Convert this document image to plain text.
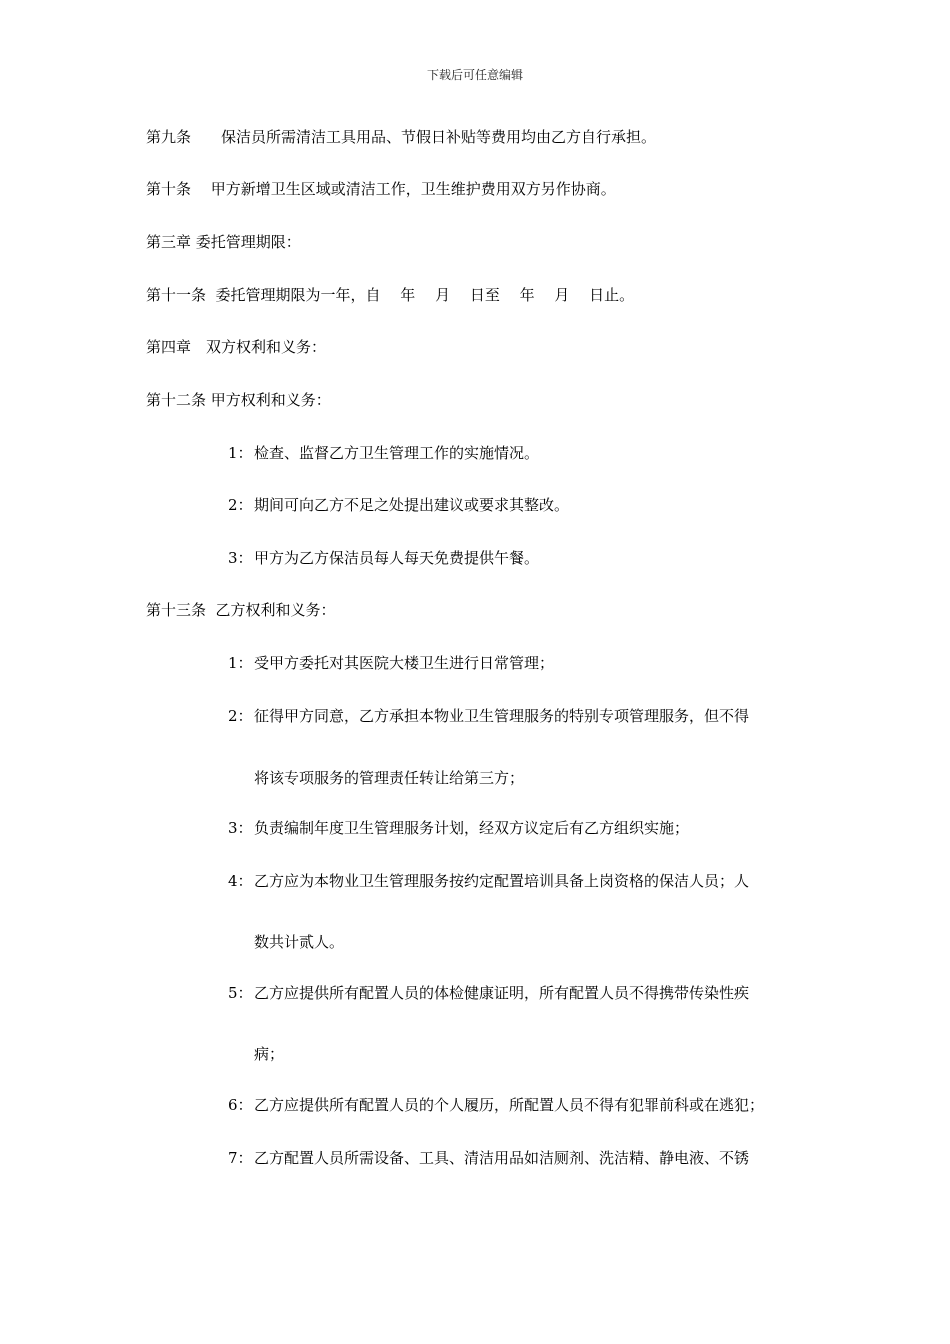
下载后可任意编辑
第九条　　保洁员所需清洁工具用品、节假日补贴等费用均由乙方自行承担。
第十条　 甲方新增卫生区域或清洁工作，卫生维护费用双方另作协商。
第三章 委托管理期限：
第十一条  委托管理期限为一年，自　 年　 月　 日至　 年　 月　 日止。
第四章　双方权利和义务：
第十二条 甲方权利和义务：
1： 检查、监督乙方卫生管理工作的实施情况。
2： 期间可向乙方不足之处提出建议或要求其整改。
3： 甲方为乙方保洁员每人每天免费提供午餐。
第十三条  乙方权利和义务：
1： 受甲方委托对其医院大楼卫生进行日常管理；
2： 征得甲方同意，乙方承担本物业卫生管理服务的特别专项管理服务，但不得
将该专项服务的管理责任转让给第三方；
3： 负责编制年度卫生管理服务计划，经双方议定后有乙方组织实施；
4： 乙方应为本物业卫生管理服务按约定配置培训具备上岗资格的保洁人员；人
数共计贰人。
5： 乙方应提供所有配置人员的体检健康证明，所有配置人员不得携带传染性疾
病；
6： 乙方应提供所有配置人员的个人履历，所配置人员不得有犯罪前科或在逃犯；
7： 乙方配置人员所需设备、工具、清洁用品如洁厕剂、洗洁精、静电液、不锈
